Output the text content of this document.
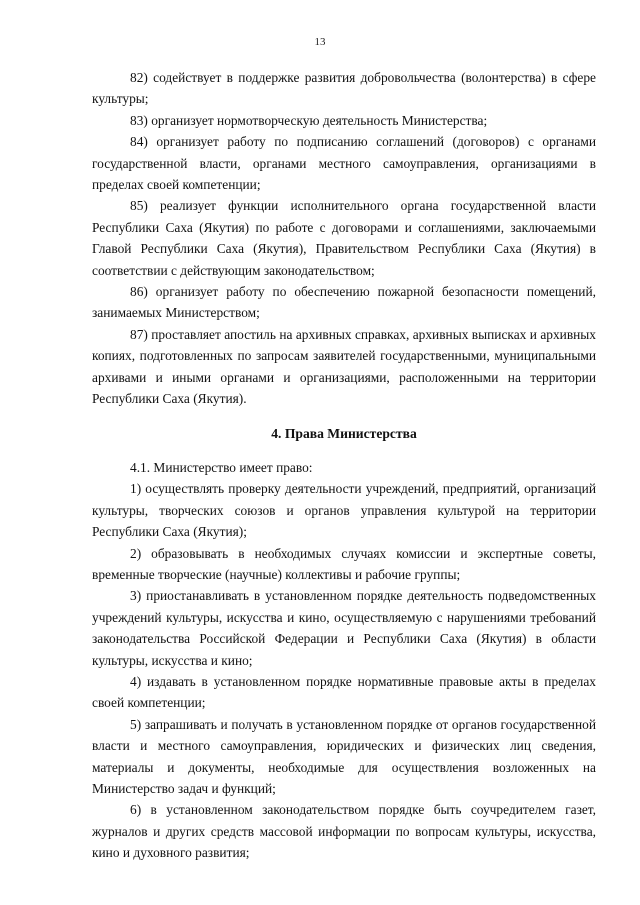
13

82) содействует в поддержке развития добровольчества (волонтерства) в сфере культуры;

83) организует нормотворческую деятельность Министерства;

84) организует работу по подписанию соглашений (договоров) с органами государственной власти, органами местного самоуправления, организациями в пределах своей компетенции;

85) реализует функции исполнительного органа государственной власти Республики Саха (Якутия) по работе с договорами и соглашениями, заключаемыми Главой Республики Саха (Якутия), Правительством Республики Саха (Якутия) в соответствии с действующим законодательством;

86) организует работу по обеспечению пожарной безопасности помещений, занимаемых Министерством;

87) проставляет апостиль на архивных справках, архивных выписках и архивных копиях, подготовленных по запросам заявителей государственными, муниципальными архивами и иными органами и организациями, расположенными на территории Республики Саха (Якутия).

4. Права Министерства

4.1. Министерство имеет право:

1) осуществлять проверку деятельности учреждений, предприятий, организаций культуры, творческих союзов и органов управления культурой на территории Республики Саха (Якутия);

2) образовывать в необходимых случаях комиссии и экспертные советы, временные творческие (научные) коллективы и рабочие группы;

3) приостанавливать в установленном порядке деятельность подведомственных учреждений культуры, искусства и кино, осуществляемую с нарушениями требований законодательства Российской Федерации и Республики Саха (Якутия) в области культуры, искусства и кино;

4) издавать в установленном порядке нормативные правовые акты в пределах своей компетенции;

5) запрашивать и получать в установленном порядке от органов государственной власти и местного самоуправления, юридических и физических лиц сведения, материалы и документы, необходимые для осуществления возложенных на Министерство задач и функций;

6) в установленном законодательством порядке быть соучредителем газет, журналов и других средств массовой информации по вопросам культуры, искусства, кино и духовного развития;
